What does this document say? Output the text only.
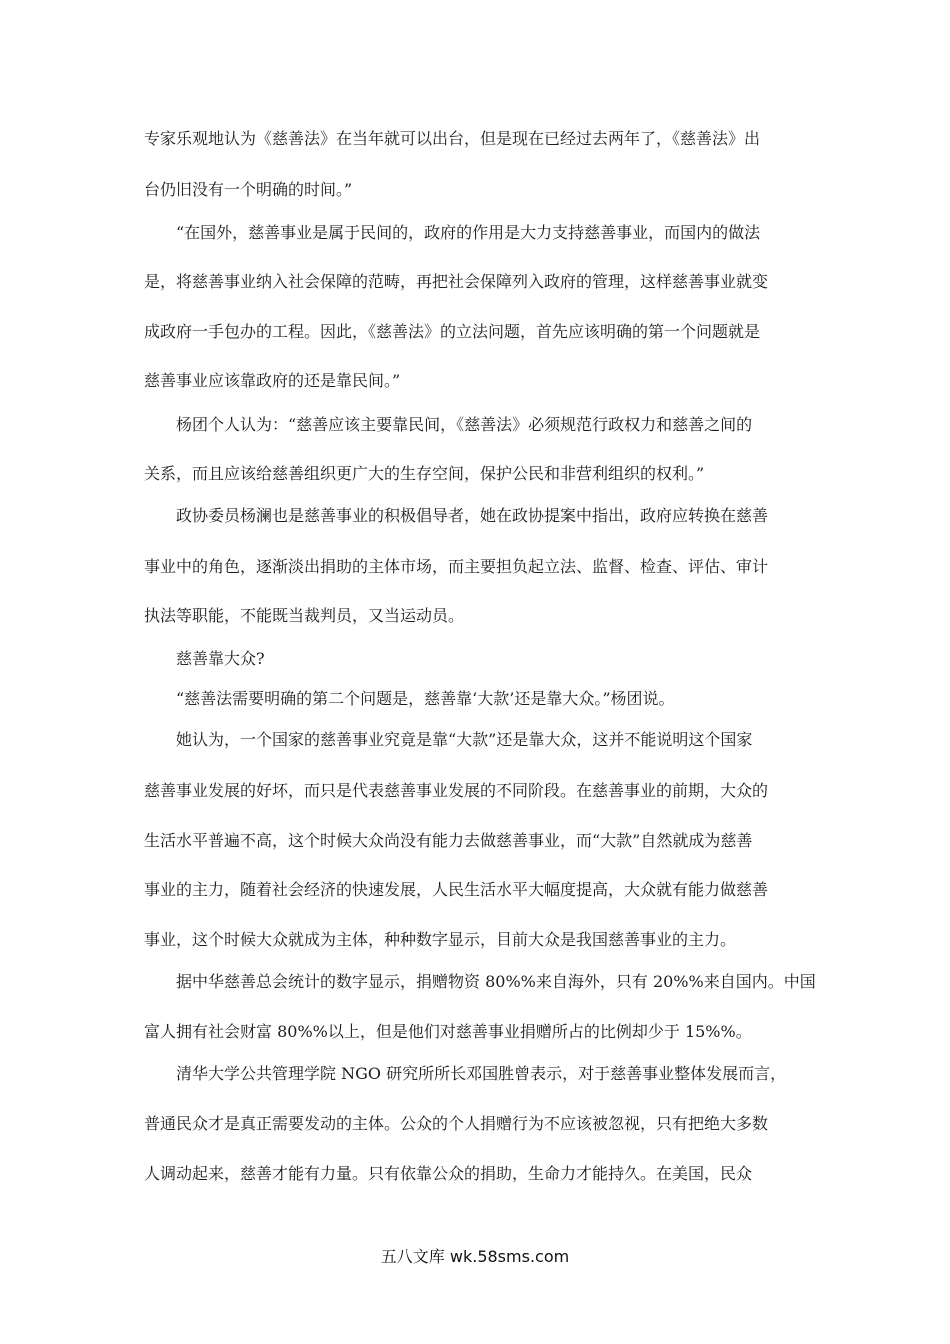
专家乐观地认为《慈善法》在当年就可以出台，但是现在已经过去两年了，《慈善法》出
台仍旧没有一个明确的时间。”
“在国外，慈善事业是属于民间的，政府的作用是大力支持慈善事业，而国内的做法
是，将慈善事业纳入社会保障的范畴，再把社会保障列入政府的管理，这样慈善事业就变
成政府一手包办的工程。因此，《慈善法》的立法问题，首先应该明确的第一个问题就是
慈善事业应该靠政府的还是靠民间。”
杨团个人认为：“慈善应该主要靠民间，《慈善法》必须规范行政权力和慈善之间的
关系，而且应该给慈善组织更广大的生存空间，保护公民和非营利组织的权利。”
政协委员杨澜也是慈善事业的积极倡导者，她在政协提案中指出，政府应转换在慈善
事业中的角色，逐渐淡出捐助的主体市场，而主要担负起立法、监督、检查、评估、审计
执法等职能，不能既当裁判员，又当运动员。
慈善靠大众?
“慈善法需要明确的第二个问题是，慈善靠‘大款’还是靠大众。”杨团说。
她认为，一个国家的慈善事业究竟是靠“大款”还是靠大众，这并不能说明这个国家
慈善事业发展的好坏，而只是代表慈善事业发展的不同阶段。在慈善事业的前期，大众的
生活水平普遍不高，这个时候大众尚没有能力去做慈善事业，而“大款”自然就成为慈善
事业的主力，随着社会经济的快速发展，人民生活水平大幅度提高，大众就有能力做慈善
事业，这个时候大众就成为主体，种种数字显示，目前大众是我国慈善事业的主力。
据中华慈善总会统计的数字显示，捐赠物资 80%%来自海外，只有 20%%来自国内。中国
富人拥有社会财富 80%%以上，但是他们对慈善事业捐赠所占的比例却少于 15%%。
清华大学公共管理学院 NGO 研究所所长邓国胜曾表示，对于慈善事业整体发展而言，
普通民众才是真正需要发动的主体。公众的个人捐赠行为不应该被忽视，只有把绝大多数
人调动起来，慈善才能有力量。只有依靠公众的捐助，生命力才能持久。在美国，民众
五八文库 wk.58sms.com
